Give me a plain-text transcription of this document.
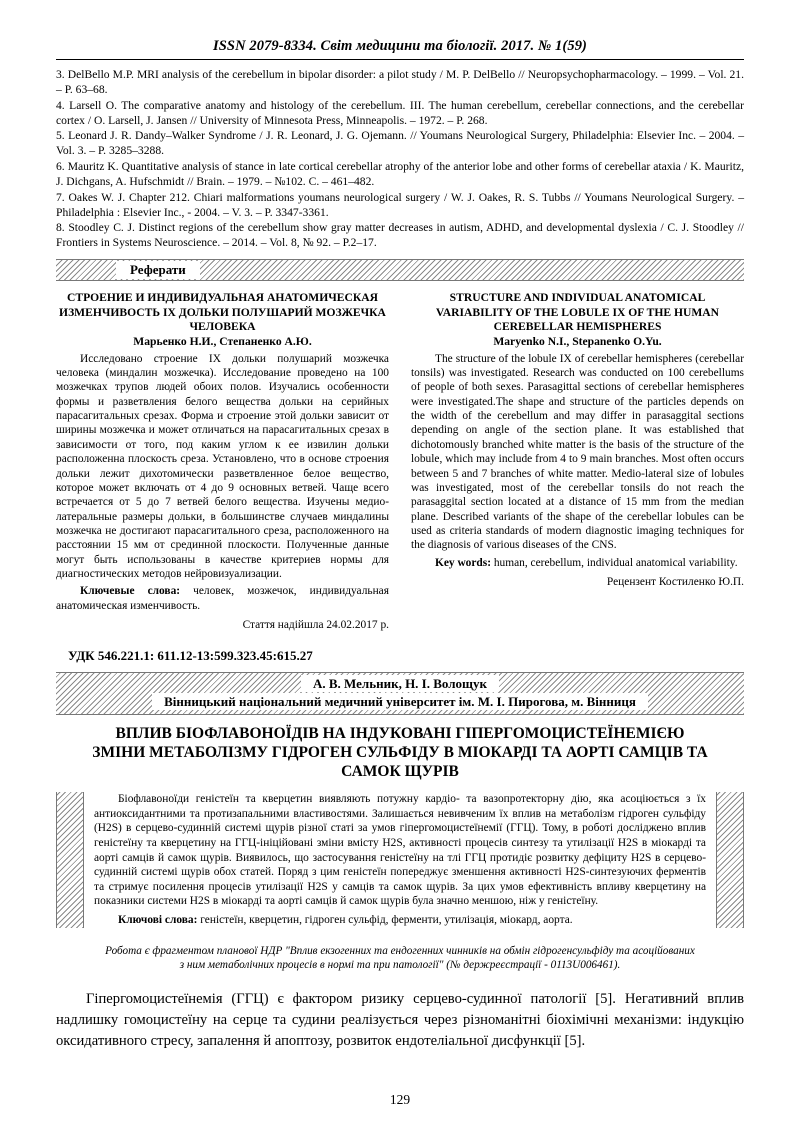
ISSN 2079-8334. Світ медицини та біології. 2017. № 1(59)

3. DelBello M.P. MRI analysis of the cerebellum in bipolar disorder: a pilot study / M. P. DelBello // Neuropsychopharmacology. – 1999. – Vol. 21. – P. 63–68.

4. Larsell O. The comparative anatomy and histology of the cerebellum. III. The human cerebellum, cerebellar connections, and the cerebellar cortex / O. Larsell, J. Jansen // University of Minnesota Press, Minneapolis. – 1972. – P. 268.

5. Leonard J. R. Dandy–Walker Syndrome / J. R. Leonard, J. G. Ojemann. // Youmans Neurological Surgery, Philadelphia: Elsevier Inc. – 2004. – Vol. 3. – P. 3285–3288.

6. Mauritz K. Quantitative analysis of stance in late cortical cerebellar atrophy of the anterior lobe and other forms of cerebellar ataxia / K. Mauritz, J. Dichgans, A. Hufschmidt // Brain. – 1979. – №102. C. – 461–482.

7. Oakes W. J. Chapter 212. Chiari malformations youmans neurological surgery / W. J. Oakes, R. S. Tubbs // Youmans Neurological Surgery. – Philadelphia : Elsevier Inc., - 2004. – V. 3. – P. 3347-3361.

8. Stoodley C. J. Distinct regions of the cerebellum show gray matter decreases in autism, ADHD, and developmental dyslexia / C. J. Stoodley // Frontiers in Systems Neuroscience. – 2014. – Vol. 8, № 92. – P.2–17.

Реферати
СТРОЕНИЕ И ИНДИВИДУАЛЬНАЯ АНАТОМИЧЕСКАЯ ИЗМЕНЧИВОСТЬ IX ДОЛЬКИ ПОЛУШАРИЙ МОЗЖЕЧКА ЧЕЛОВЕКА
Марьенко Н.И., Степаненко А.Ю.

Исследовано строение IX дольки полушарий мозжечка человека (миндалин мозжечка). Исследование проведено на 100 мозжечках трупов людей обоих полов. Изучались особенности формы и разветвления белого вещества дольки на серийных парасагитальных срезах. Форма и строение этой дольки зависит от ширины мозжечка и может отличаться на парасагитальных срезах в зависимости от того, под каким углом к ее извилин дольки расположенна плоскость среза. Установлено, что в основе строения дольки лежит дихотомически разветвленное белое вещество, которое может включать от 4 до 9 основных ветвей. Чаще всего встречается от 5 до 7 ветвей белого вещества. Изучены медио-латеральные размеры дольки, в большинстве случаев миндалины мозжечка не достигают парасагитального среза, расположенного на расстоянии 15 мм от срединной плоскости. Полученные данные могут быть использованы в качестве критериев нормы для диагностических методов нейровизуализации.

Ключевые слова: человек, мозжечок, индивидуальная анатомическая изменчивость.

Стаття надійшла 24.02.2017 р.
STRUCTURE AND INDIVIDUAL ANATOMICAL VARIABILITY OF THE LOBULE IX OF THE HUMAN CEREBELLAR HEMISPHERES
Maryenko N.I., Stepanenko O.Yu.

The structure of the lobule IX of cerebellar hemispheres (cerebellar tonsils) was investigated. Research was conducted on 100 cerebellums of people of both sexes. Parasagittal sections of cerebellar hemispheres were investigated.The shape and structure of the particles depends on the width of the cerebellum and may differ in parasaggital sections depending on angle of the section plane. It was established that dichotomously branched white matter is the basis of the structure of the lobule, which may include from 4 to 9 main branches. Most often occurs between 5 and 7 branches of white matter. Medio-lateral size of lobules was investigated, most of the cerebellar tonsils do not reach the parasaggital section located at a distance of 15 mm from the median plane. Described variants of the shape of the cerebellar lobules can be used as criteria standards of modern diagnostic imaging techniques for the diagnosis of various diseases of the CNS.

Key words: human, cerebellum, individual anatomical variability.

Рецензент Костиленко Ю.П.
УДК 546.221.1: 611.12-13:599.323.45:615.27
А. В. Мельник, Н. І. Волощук Вінницький національний медичний університет ім. М. І. Пирогова, м. Вінниця
ВПЛИВ БІОФЛАВОНОЇДІВ НА ІНДУКОВАНІ ГІПЕРГОМОЦИСТЕЇНЕМІЄЮ ЗМІНИ МЕТАБОЛІЗМУ ГІДРОГЕН СУЛЬФІДУ В МІОКАРДІ ТА АОРТІ САМЦІВ ТА САМОК ЩУРІВ

Біофлавоноїди геністеїн та кверцетин виявляють потужну кардіо- та вазопротекторну дію, яка асоціюється з їх антиоксидантними та протизапальними властивостями. Залишається невивченим їх вплив на метаболізм гідроген сульфіду (H2S) в серцево-судинній системі щурів різної статі за умов гіпергомоцистеїнемії (ГГЦ). Тому, в роботі досліджено вплив геністеїну та кверцетину на ГГЦ-ініційовані зміни вмісту H2S, активності процесів синтезу та утилізації H2S в міокарді та аорті самців й самок щурів. Виявилось, що застосування геністеїну на тлі ГГЦ протидіє розвитку дефіциту H2S в серцево-судинній системі щурів обох статей. Поряд з цим геністеїн попереджує зменшення активності H2S-синтезуючих ферментів та стримує посилення процесів утилізації H2S у самців та самок щурів. За цих умов ефективність впливу кверцетину на показники системи H2S в міокарді та аорті самців й самок щурів була значно меншою, ніж у геністеїну.

Ключові слова: геністеїн, кверцетин, гідроген сульфід, ферменти, утилізація, міокард, аорта.

Робота є фрагментом планової НДР "Вплив екзогенних та ендогенних чинників на обмін гідрогенсульфіду та асоційованих з ним метаболічних процесів в нормі та при патології" (№ держреєстрації - 0113U006461).
Гіпергомоцистеїнемія (ГГЦ) є фактором ризику серцево-судинної патології [5]. Негативний вплив надлишку гомоцистеїну на серце та судини реалізується через різноманітні біохімічні механізми: індукцію оксидативного стресу, запалення й апоптозу, розвиток ендотеліальної дисфункції [5].
129
